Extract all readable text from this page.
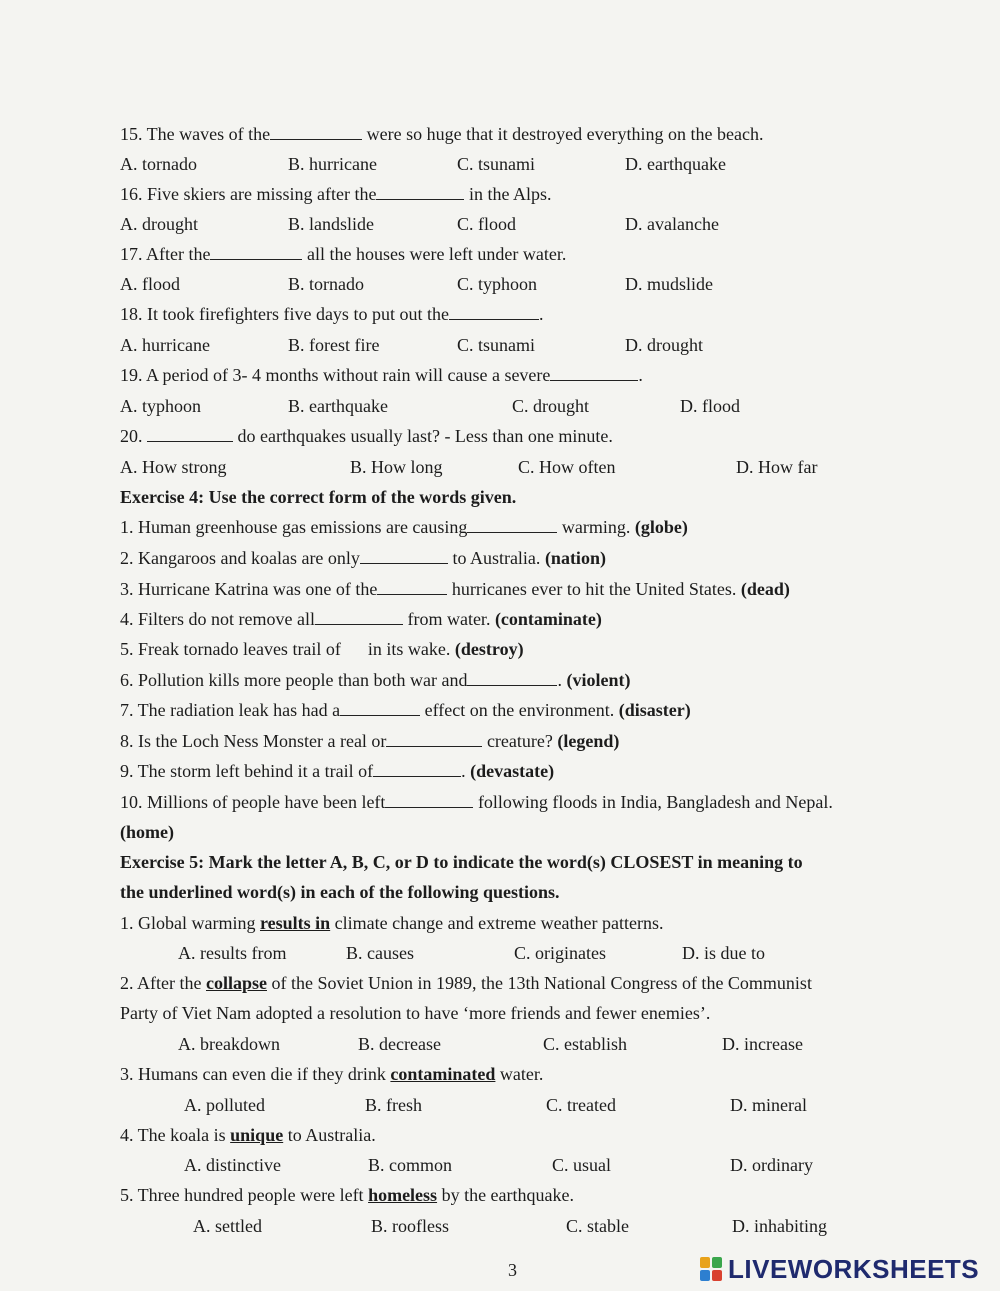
15. The waves of the	were so huge that it destroyed everything on the beach.
A. tornado	B. hurricane	C. tsunami	D. earthquake
16. Five skiers are missing after the	in the Alps.
A. drought	B. landslide	C. flood	D. avalanche
17. After the	all the houses were left under water.
A. flood	B. tornado	C. typhoon	D. mudslide
18. It took firefighters five days to put out the	.
A. hurricane	B. forest fire	C. tsunami	D. drought
19. A period of 3- 4 months without rain will cause a severe	.
A. typhoon	B. earthquake	C. drought	D. flood
20.	do earthquakes usually last? - Less than one minute.
A. How strong	B. How long	C. How often	D. How far
Exercise 4: Use the correct form of the words given.
1. Human greenhouse gas emissions are causing	warming. (globe)
2. Kangaroos and koalas are only	to Australia. (nation)
3. Hurricane Katrina was one of the	hurricanes ever to hit the United States. (dead)
4. Filters do not remove all	from water. (contaminate)
5. Freak tornado leaves trail of in its wake. (destroy)
6. Pollution kills more people than both war and	. (violent)
7. The radiation leak has had a	effect on the environment. (disaster)
8. Is the Loch Ness Monster a real or	creature? (legend)
9. The storm left behind it a trail of	. (devastate)
10. Millions of people have been left	following floods in India, Bangladesh and Nepal.
(home)
Exercise 5: Mark the letter A, B, C, or D to indicate the word(s) CLOSEST in meaning to
the underlined word(s) in each of the following questions.
1. Global warming results in climate change and extreme weather patterns.
A. results from	B. causes	C. originates	D. is due to
2. After the collapse of the Soviet Union in 1989, the 13th National Congress of the Communist
Party of Viet Nam adopted a resolution to have ‘more friends and fewer enemies’.
A. breakdown	B. decrease	C. establish	D. increase
3. Humans can even die if they drink contaminated water.
A. polluted	B. fresh	C. treated	D. mineral
4. The koala is unique to Australia.
A. distinctive	B. common	C. usual	D. ordinary
5. Three hundred people were left homeless by the earthquake.
A. settled	B. roofless	C. stable	D. inhabiting
3	LIVEWORKSHEETS
